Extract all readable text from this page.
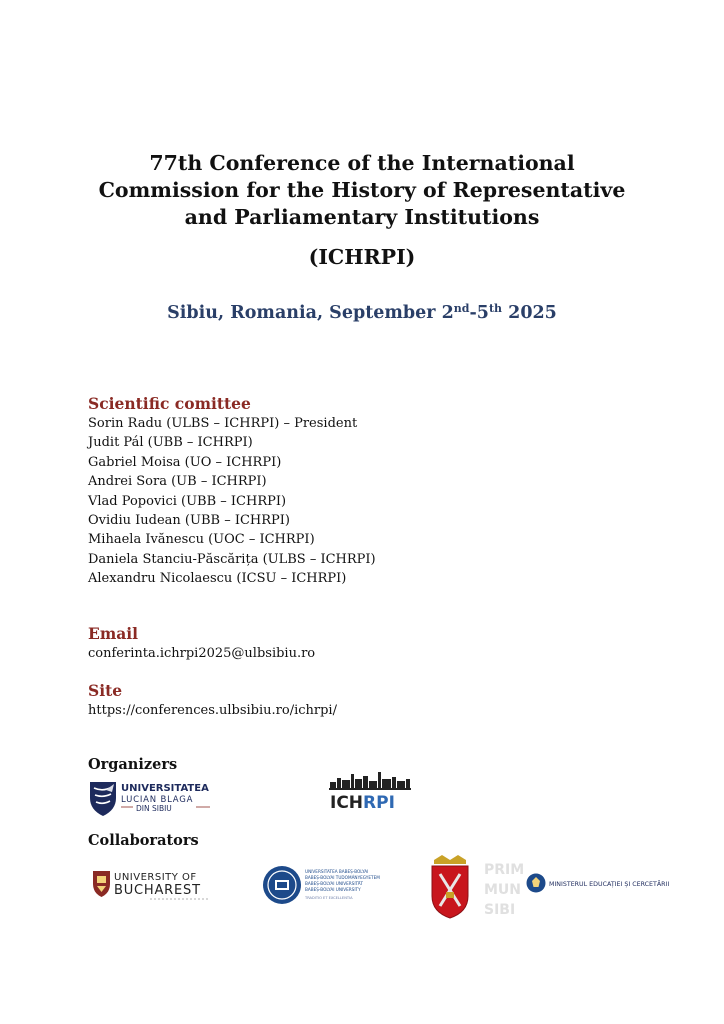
77th Conference of the International
Commission for the History of Representative
and Parliamentary Institutions
(ICHRPI)
Sibiu, Romania, September 2nd-5th 2025
Scientific comittee
Sorin Radu (ULBS – ICHRPI) – President
Judit Pál (UBB – ICHRPI)
Gabriel Moisa (UO – ICHRPI)
Andrei Sora (UB – ICHRPI)
Vlad Popovici (UBB – ICHRPI)
Ovidiu Iudean (UBB – ICHRPI)
Mihaela Ivănescu (UOC – ICHRPI)
Daniela Stanciu-Păscărița (ULBS – ICHRPI)
Alexandru Nicolaescu (ICSU – ICHRPI)
Email
conferinta.ichrpi2025@ulbsibiu.ro
Site
https://conferences.ulbsibiu.ro/ichrpi/
Organizers
UNIVERSITATEA
LUCIAN BLAGA
DIN SIBIU	ICHRPI
Collaborators
UNIVERSITY OF
BUCHAREST
UNIVERSITATEA BABEȘ-BOLYAI
BABEȘ-BOLYAI TUDOMÁNYEGYETEM
BABEȘ-BOLYAI UNIVERSITÄT
BABEȘ-BOLYAI UNIVERSITY
TRADITIO ET EXCELLENTIA
PRIM
MUN
SIBI
MINISTERUL EDUCAȚIEI ȘI CERCETĂRII
